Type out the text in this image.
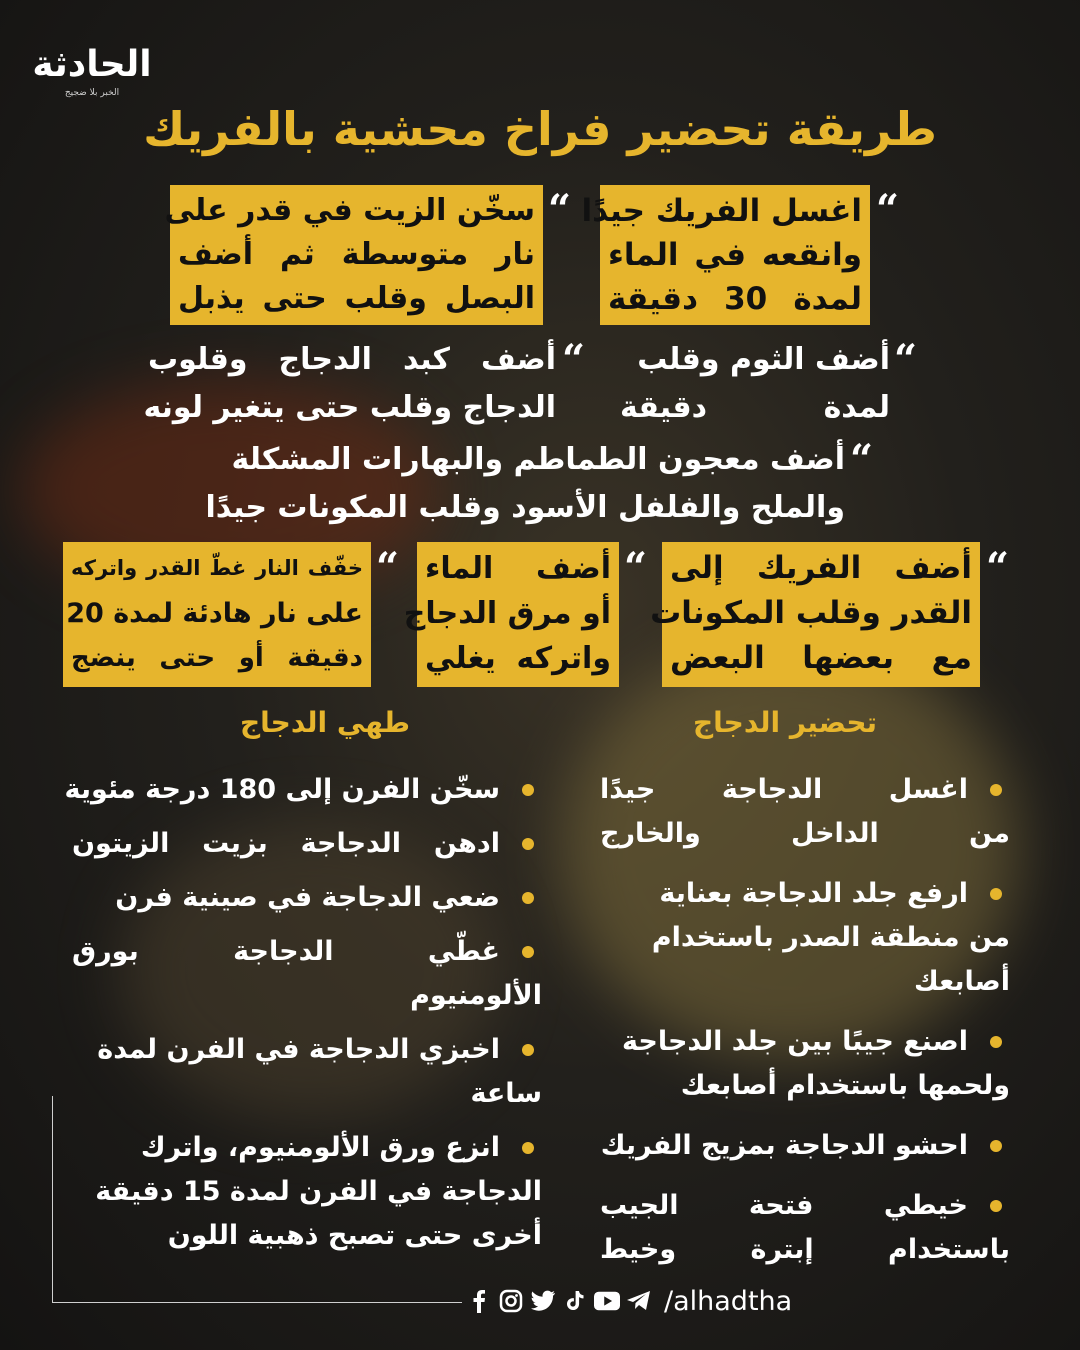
الحادثة
الخبر بلا ضجيج
طريقة تحضير فراخ محشية بالفريك
“
اغسل الفريك جيدًا
وانقعه في الماء
لمدة 30 دقيقة
“
سخّن الزيت في قدر على
نار متوسطة ثم أضف
البصل وقلب حتى يذبل
“
أضف الثوم وقلب
لمدة دقيقة
“
أضف كبد الدجاج وقلوب
الدجاج وقلب حتى يتغير لونه
“
أضف معجون الطماطم والبهارات المشكلة
والملح والفلفل الأسود وقلب المكونات جيدًا
“
أضف الفريك إلى
القدر وقلب المكونات
مع بعضها البعض
“
أضف الماء
أو مرق الدجاج
واتركه يغلي
“
خفّف النار غطّ القدر واتركه
على نار هادئة لمدة 20
دقيقة أو حتى ينضج
تحضير الدجاج
طهي الدجاج
اغسل الدجاجة جيدًا
من الداخل والخارج
ارفع جلد الدجاجة بعناية
من منطقة الصدر باستخدام
أصابعك
اصنع جيبًا بين جلد الدجاجة
ولحمها باستخدام أصابعك
احشو الدجاجة بمزيج الفريك
خيطي فتحة الجيب
باستخدام إبترة وخيط
سخّن الفرن إلى 180 درجة مئوية
ادهن الدجاجة بزيت الزيتون
ضعي الدجاجة في صينية فرن
غطّي الدجاجة بورق
الألومنيوم
اخبزي الدجاجة في الفرن لمدة
ساعة
انزع ورق الألومنيوم، واترك
الدجاجة في الفرن لمدة 15 دقيقة
أخرى حتى تصبح ذهبية اللون
/alhadtha
